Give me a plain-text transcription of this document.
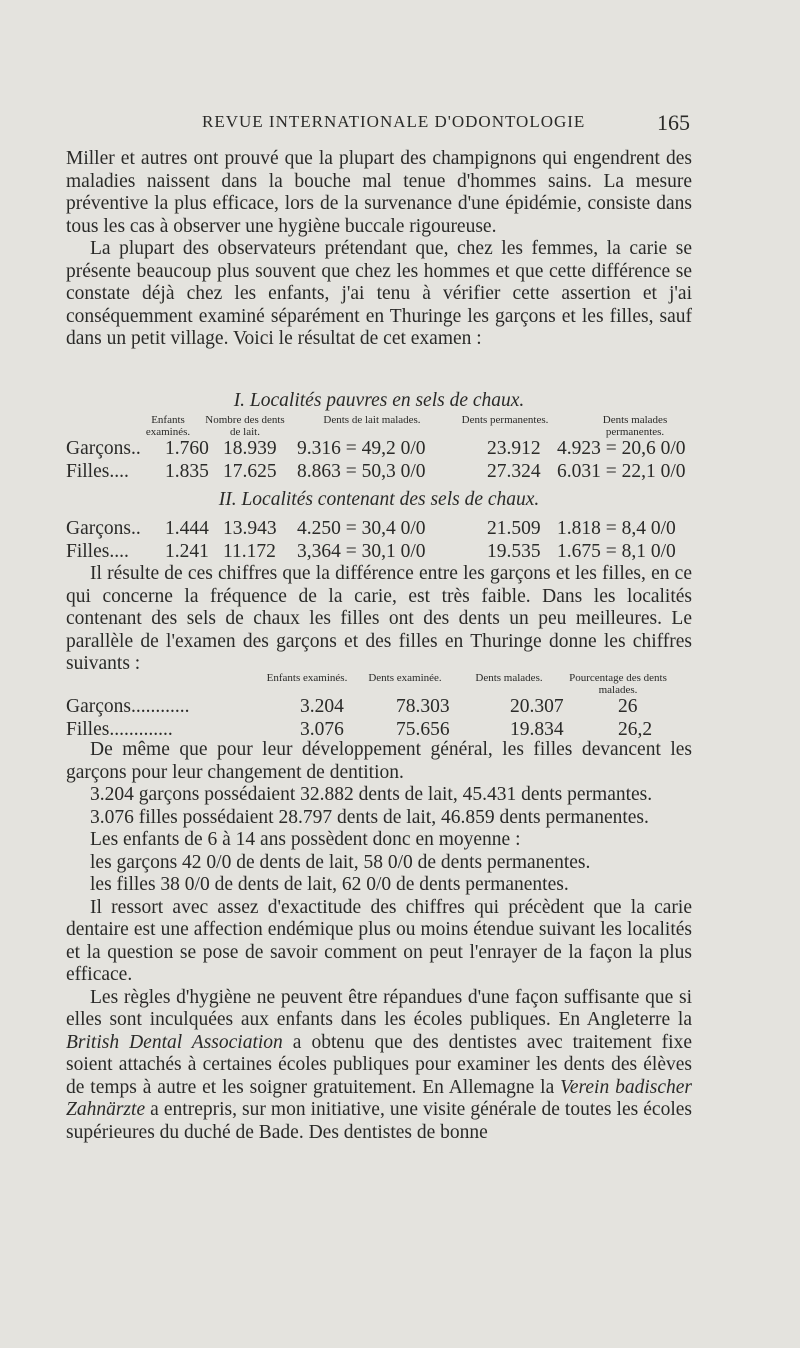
REVUE INTERNATIONALE D'ODONTOLOGIE	165

Miller et autres ont prouvé que la plupart des champignons qui engendrent des maladies naissent dans la bouche mal tenue d'hommes sains. La mesure préventive la plus efficace, lors de la survenance d'une épidémie, consiste dans tous les cas à observer une hygiène buccale rigoureuse.

La plupart des observateurs prétendant que, chez les femmes, la carie se présente beaucoup plus souvent que chez les hommes et que cette différence se constate déjà chez les enfants, j'ai tenu à vérifier cette assertion et j'ai conséquemment examiné séparément en Thuringe les garçons et les filles, sauf dans un petit village. Voici le résultat de cet examen :

I. Localités pauvres en sels de chaux.
Enfants examinés.
Nombre des dents de lait.
Dents de lait malades.	Dents permanentes.	Dents malades permanentes.
Garçons..	1.760 18.939	9.316 = 49,2 0/0	23.912 4.923 = 20,6 0/0
Filles....	1.835 17.625	8.863 = 50,3 0/0	27.324 6.031 = 22,1 0/0
II. Localités contenant des sels de chaux.
Garçons..	1.444 13.943	4.250 = 30,4 0/0	21.509 1.818 = 8,4 0/0
Filles....	1.241 11.172	3,364 = 30,1 0/0	19.535 1.675 = 8,1 0/0

Il résulte de ces chiffres que la différence entre les garçons et les filles, en ce qui concerne la fréquence de la carie, est très faible. Dans les localités contenant des sels de chaux les filles ont des dents un peu meilleures. Le parallèle de l'examen des garçons et des filles en Thuringe donne les chiffres suivants :

Enfants examinés.	Dents examinée.	Dents malades.	Pourcentage des dents malades.
Garçons............	3.204	78.303	20.307	26
Filles.............	3.076	75.656	19.834	26,2

De même que pour leur développement général, les filles devancent les garçons pour leur changement de dentition.

3.204 garçons possédaient 32.882 dents de lait, 45.431 dents permantes.

3.076 filles possédaient 28.797 dents de lait, 46.859 dents permanentes.

Les enfants de 6 à 14 ans possèdent donc en moyenne :

les garçons 42 0/0 de dents de lait, 58 0/0 de dents permanentes.

les filles 38 0/0 de dents de lait, 62 0/0 de dents permanentes.

Il ressort avec assez d'exactitude des chiffres qui précèdent que la carie dentaire est une affection endémique plus ou moins étendue suivant les localités et la question se pose de savoir comment on peut l'enrayer de la façon la plus efficace.

Les règles d'hygiène ne peuvent être répandues d'une façon suffisante que si elles sont inculquées aux enfants dans les écoles publiques. En Angleterre la British Dental Association a obtenu que des dentistes avec traitement fixe soient attachés à certaines écoles publiques pour examiner les dents des élèves de temps à autre et les soigner gratuitement. En Allemagne la Verein badischer Zahnärzte a entrepris, sur mon initiative, une visite générale de toutes les écoles supérieures du duché de Bade. Des dentistes de bonne
